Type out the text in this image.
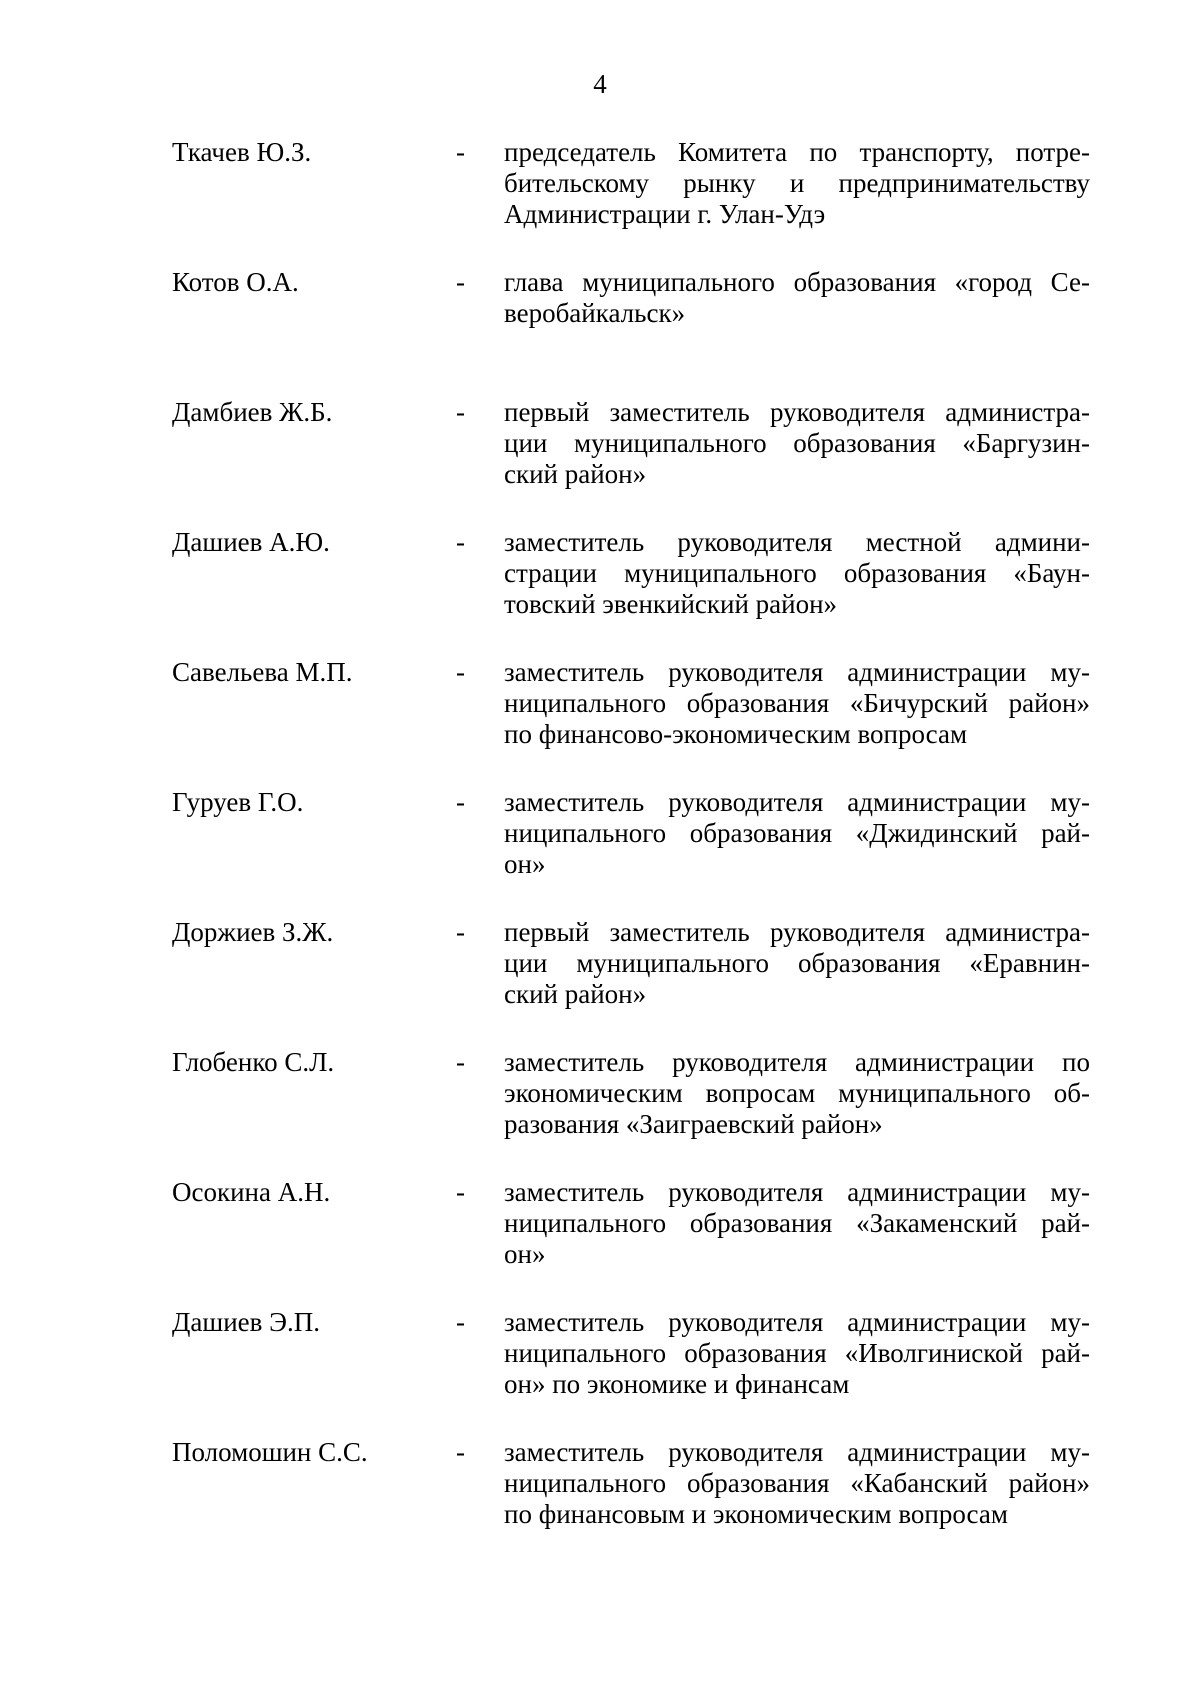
4
Ткачев Ю.З.	- председатель Комитета по транспорту, потре-
бительскому рынку и предпринимательству
Администрации г. Улан-Удэ
Котов О.А.	- глава муниципального образования «город Се-
веробайкальск»
Дамбиев Ж.Б.	- первый заместитель руководителя администра-
ции муниципального образования «Баргузин-
ский район»
Дашиев А.Ю.	- заместитель руководителя местной админи-
страции муниципального образования «Баун-
товский эвенкийский район»
Савельева М.П.	- заместитель руководителя администрации му-
ниципального образования «Бичурский район»
по финансово-экономическим вопросам
Гуруев Г.О.	- заместитель руководителя администрации му-
ниципального образования «Джидинский рай-
он»
Доржиев З.Ж.	- первый заместитель руководителя администра-
ции муниципального образования «Еравнин-
ский район»
Глобенко С.Л.	- заместитель руководителя администрации по
экономическим вопросам муниципального об-
разования «Заиграевский район»
Осокина А.Н.	- заместитель руководителя администрации му-
ниципального образования «Закаменский рай-
он»
Дашиев Э.П.	- заместитель руководителя администрации му-
ниципального образования «Иволгиниской рай-
он» по экономике и финансам
Поломошин С.С.	- заместитель руководителя администрации му-
ниципального образования «Кабанский район»
по финансовым и экономическим вопросам
